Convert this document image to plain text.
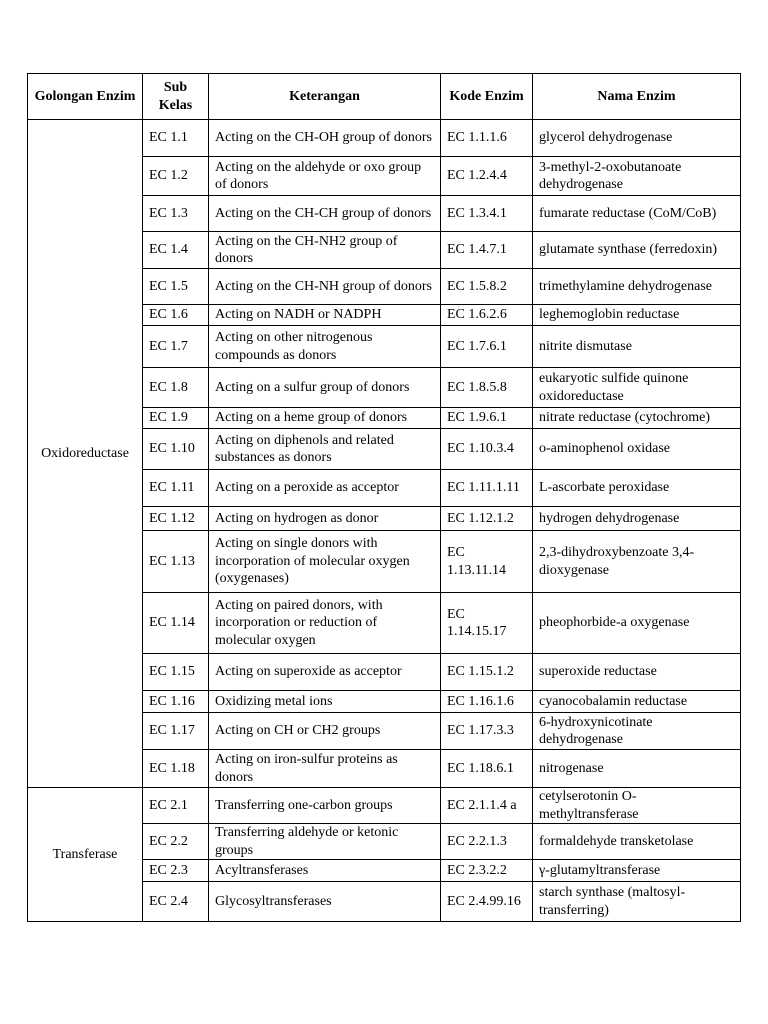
Golongan Enzim	Sub Kelas	Keterangan	Kode Enzim	Nama Enzim
Oxidoreductase	EC 1.1	Acting on the CH-OH group of donors	EC 1.1.1.6	glycerol dehydrogenase
	EC 1.2	Acting on the aldehyde or oxo group of donors	EC 1.2.4.4	3-methyl-2-oxobutanoate dehydrogenase
	EC 1.3	Acting on the CH-CH group of donors	EC 1.3.4.1	fumarate reductase (CoM/CoB)
	EC 1.4	Acting on the CH-NH2 group of donors	EC 1.4.7.1	glutamate synthase (ferredoxin)
	EC 1.5	Acting on the CH-NH group of donors	EC 1.5.8.2	trimethylamine dehydrogenase
	EC 1.6	Acting on NADH or NADPH	EC 1.6.2.6	leghemoglobin reductase
	EC 1.7	Acting on other nitrogenous compounds as donors	EC 1.7.6.1	nitrite dismutase
	EC 1.8	Acting on a sulfur group of donors	EC 1.8.5.8	eukaryotic sulfide quinone oxidoreductase
	EC 1.9	Acting on a heme group of donors	EC 1.9.6.1	nitrate reductase (cytochrome)
	EC 1.10	Acting on diphenols and related substances as donors	EC 1.10.3.4	o-aminophenol oxidase
	EC 1.11	Acting on a peroxide as acceptor	EC 1.11.1.11	L-ascorbate peroxidase
	EC 1.12	Acting on hydrogen as donor	EC 1.12.1.2	hydrogen dehydrogenase
	EC 1.13	Acting on single donors with incorporation of molecular oxygen (oxygenases)	EC 1.13.11.14	2,3-dihydroxybenzoate 3,4-dioxygenase
	EC 1.14	Acting on paired donors, with incorporation or reduction of molecular oxygen	EC 1.14.15.17	pheophorbide-a oxygenase
	EC 1.15	Acting on superoxide as acceptor	EC 1.15.1.2	superoxide reductase
	EC 1.16	Oxidizing metal ions	EC 1.16.1.6	cyanocobalamin reductase
	EC 1.17	Acting on CH or CH2 groups	EC 1.17.3.3	6-hydroxynicotinate dehydrogenase
	EC 1.18	Acting on iron-sulfur proteins as donors	EC 1.18.6.1	nitrogenase
Transferase	EC 2.1	Transferring one-carbon groups	EC 2.1.1.4 a	cetylserotonin O-methyltransferase
	EC 2.2	Transferring aldehyde or ketonic groups	EC 2.2.1.3	formaldehyde transketolase
	EC 2.3	Acyltransferases	EC 2.3.2.2	γ-glutamyltransferase
	EC 2.4	Glycosyltransferases	EC 2.4.99.16	starch synthase (maltosyl-transferring)
